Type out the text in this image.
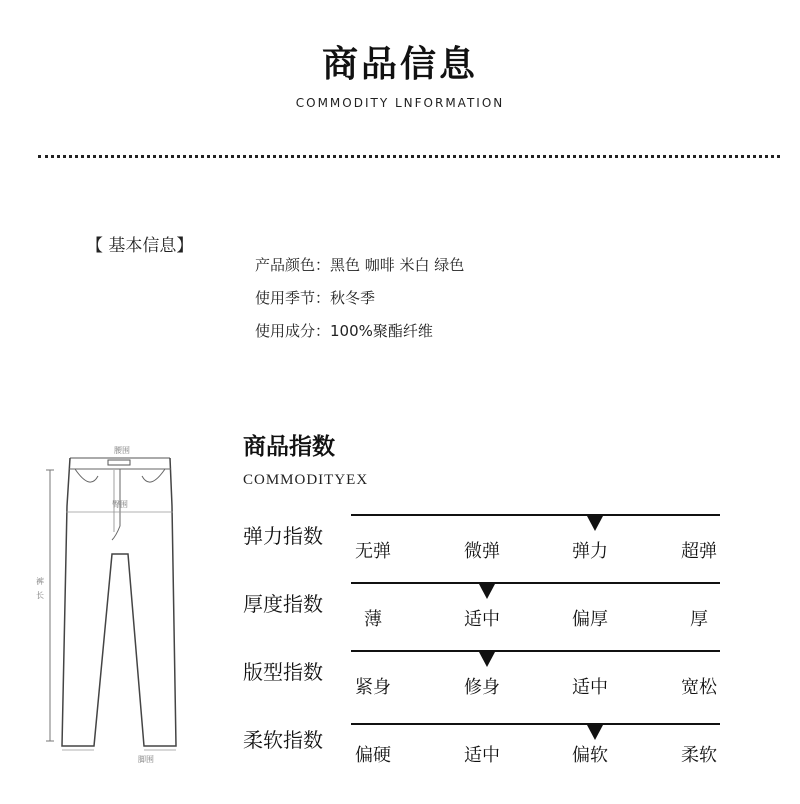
商品信息
COMMODITY LNFORMATION
【 基本信息】
产品颜色：黑色 咖啡 米白 绿色
使用季节：秋冬季
使用成分：100%聚酯纤维
腰围
臀围
裤
长
脚围
商品指数
COMMODITYEX
弹力指数
无弹	微弹	弹力	超弹
厚度指数
薄	适中	偏厚	厚
版型指数
紧身	修身	适中	宽松
柔软指数
偏硬	适中	偏软	柔软
